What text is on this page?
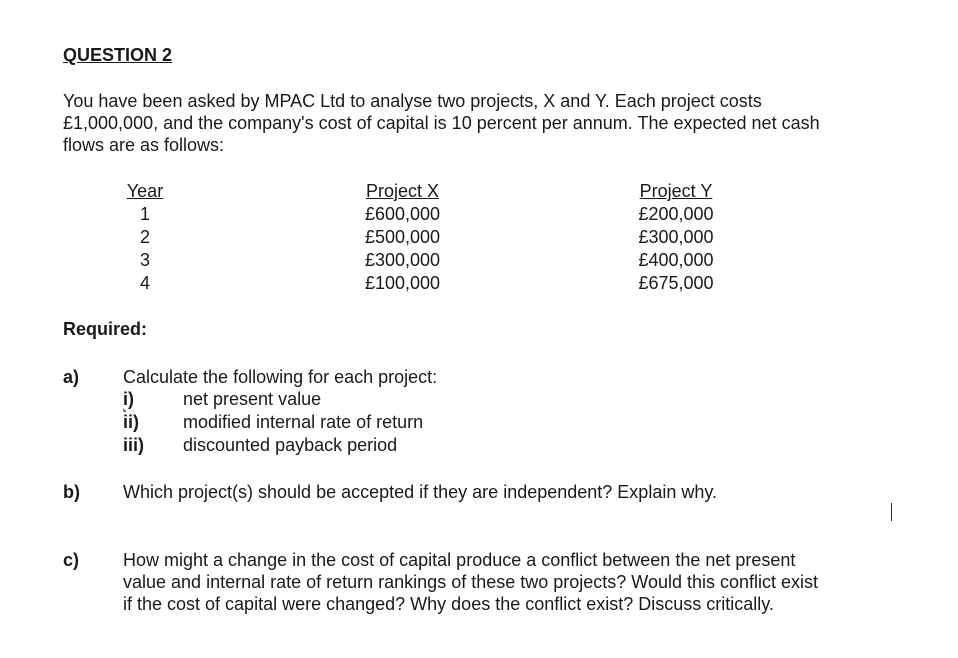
QUESTION 2
You have been asked by MPAC Ltd to analyse two projects, X and Y. Each project costs
£1,000,000, and the company's cost of capital is 10 percent per annum. The expected net cash
flows are as follows:
Year
1
2
3
4
Project X
£600,000
£500,000
£300,000
£100,000
Project Y
£200,000
£300,000
£400,000
£675,000
Required:
a) Calculate the following for each project:
i)	net present value
ii) modified internal rate of return
iii) discounted payback period
b) Which project(s) should be accepted if they are independent? Explain why.
c) How might a change in the cost of capital produce a conflict between the net present
value and internal rate of return rankings of these two projects? Would this conflict exist
if the cost of capital were changed? Why does the conflict exist? Discuss critically.
